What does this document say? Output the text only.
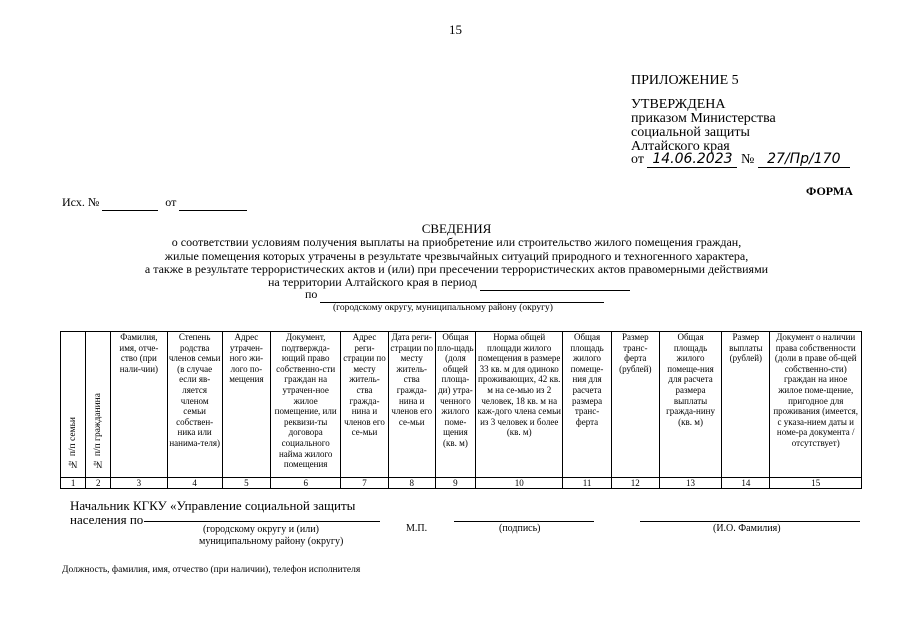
15
ПРИЛОЖЕНИЕ 5
УТВЕРЖДЕНА
приказом Министерства
социальной защиты
Алтайского края
от 14.06.2023 № 27/Пр/170
ФОРМА
Исх. №	от
СВЕДЕНИЯ
о соответствии условиям получения выплаты на приобретение или строительство жилого помещения граждан,
жилые помещения которых утрачены в результате чрезвычайных ситуаций природного и техногенного характера,
а также в результате террористических актов и (или) при пресечении террористических актов правомерными действиями
на территории Алтайского края в период
по
(городскому округу, муниципальному району (округу)
№ п/п семьи	№ п/п гражданина	Фамилия, имя, отче-ство (при нали-чии)	Степень родства членов семьи (в случае если яв-ляется членом семьи собствен-ника или нанима-теля)	Адрес утрачен-ного жи-лого по-мещения	Документ, подтвержда-ющий право собственно-сти граждан на утрачен-ное жилое помещение, или реквизи-ты договора социального найма жилого помещения	Адрес реги-страции по месту житель-ства гражда-нина и членов его се-мьи	Дата реги-страции по месту житель-ства гражда-нина и членов его се-мьи	Общая пло-щадь (доля общей площа-ди) утра-ченного жилого поме-щения (кв. м)	Норма общей площади жилого помещения в размере 33 кв. м для одиноко проживающих, 42 кв. м на се-мью из 2 человек, 18 кв. м на каж-дого члена семьи из 3 человек и более (кв. м)	Общая площадь жилого помеще-ния для расчета размера транс-ферта	Размер транс-ферта (рублей)	Общая площадь жилого помеще-ния для расчета размера выплаты гражда-нину (кв. м)	Размер выплаты (рублей)	Документ о наличии права собственности (доли в праве об-щей собственно-сти) граждан на иное жилое поме-щение, пригодное для проживания (имеется, с указа-нием даты и номе-ра документа / отсутствует)
1	2	3	4	5	6	7	8	9	10	11	12	13	14	15
Начальник КГКУ «Управление социальной защиты
населения по
(городскому округу и (или)
муниципальному району (округу)
М.П.	(подпись)	(И.О. Фамилия)
Должность, фамилия, имя, отчество (при наличии), телефон исполнителя
